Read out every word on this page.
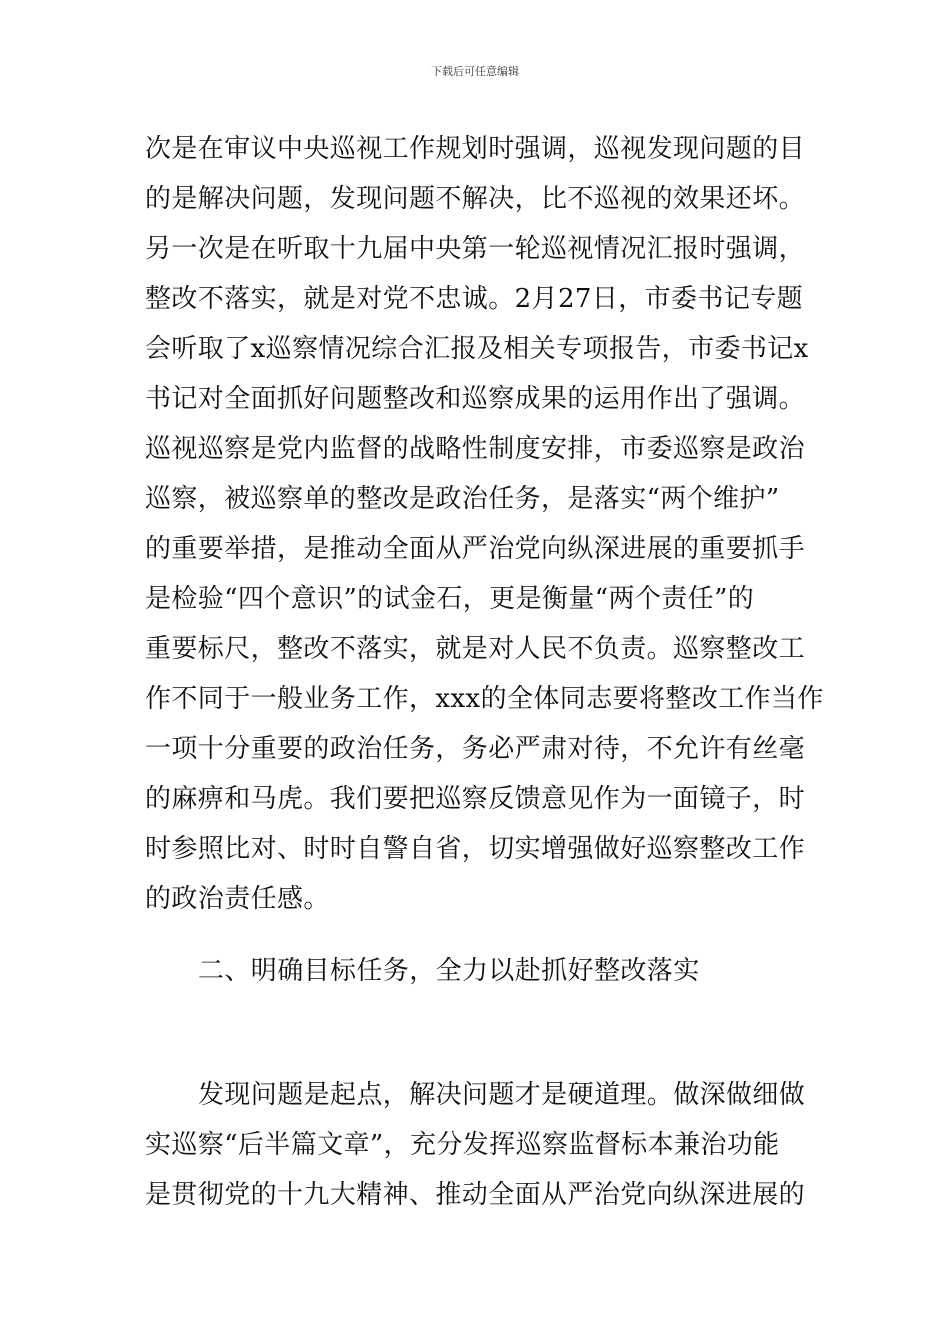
下载后可任意编辑
次是在审议中央巡视工作规划时强调，巡视发现问题的目
的是解决问题，发现问题不解决，比不巡视的效果还坏。
另一次是在听取十九届中央第一轮巡视情况汇报时强调，
整改不落实，就是对党不忠诚。2月27日，市委书记专题
会听取了x巡察情况综合汇报及相关专项报告，市委书记x
书记对全面抓好问题整改和巡察成果的运用作出了强调。
巡视巡察是党内监督的战略性制度安排，市委巡察是政治
巡察，被巡察单的整改是政治任务，是落实“两个维护”
的重要举措，是推动全面从严治党向纵深进展的重要抓手
是检验“四个意识”的试金石，更是衡量“两个责任”的
重要标尺，整改不落实，就是对人民不负责。巡察整改工
作不同于一般业务工作，xxx的全体同志要将整改工作当作
一项十分重要的政治任务，务必严肃对待，不允许有丝毫
的麻痹和马虎。我们要把巡察反馈意见作为一面镜子，时
时参照比对、时时自警自省，切实增强做好巡察整改工作
的政治责任感。
二、明确目标任务，全力以赴抓好整改落实
发现问题是起点，解决问题才是硬道理。做深做细做
实巡察“后半篇文章”，充分发挥巡察监督标本兼治功能
是贯彻党的十九大精神、推动全面从严治党向纵深进展的
